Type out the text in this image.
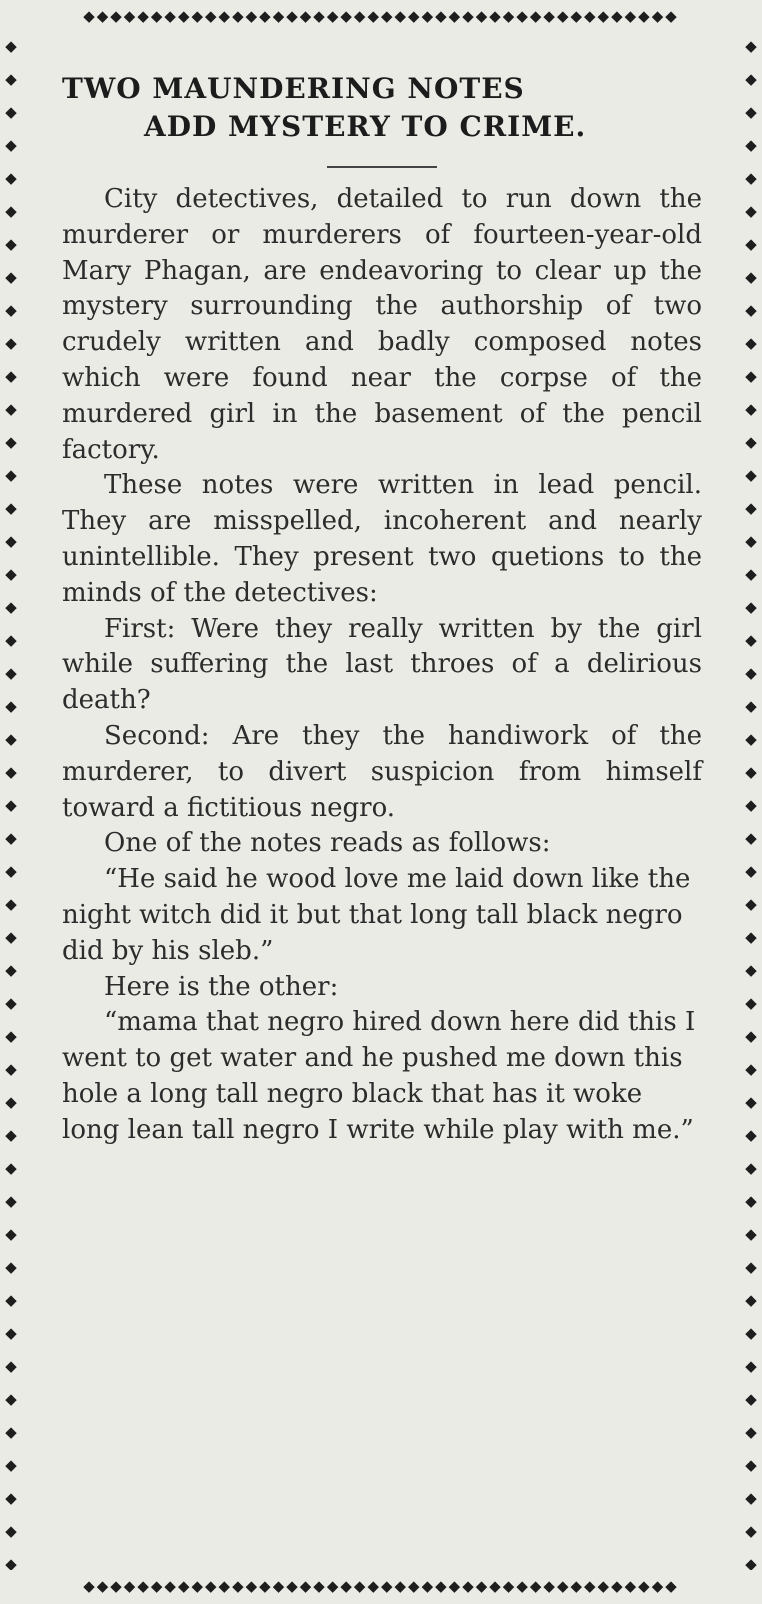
◆◆◆◆◆◆◆◆◆◆◆◆◆◆◆◆◆◆◆◆◆◆◆◆◆◆◆◆◆◆◆◆◆◆◆◆◆◆◆◆◆◆◆◆
◆
◆
◆
◆
◆
◆
◆
◆
◆
◆
◆
◆
◆
◆
◆
◆
◆
◆
◆
◆
◆
◆
◆
◆
◆
◆
◆
◆
◆
◆
◆
◆
◆
◆
◆
◆
◆
◆
◆
◆
◆
◆
◆
◆
◆
◆
◆
◆
◆
◆
◆
◆
◆
◆
◆
◆
◆
◆
◆
◆
◆
◆
◆
◆
◆
◆
◆
◆
◆
◆
◆
◆
◆
◆
◆
◆
◆
◆
◆
◆
◆
◆
◆
◆
◆
◆
◆
◆
◆
◆
◆
◆
◆
◆
◆◆◆◆◆◆◆◆◆◆◆◆◆◆◆◆◆◆◆◆◆◆◆◆◆◆◆◆◆◆◆◆◆◆◆◆◆◆◆◆◆◆◆◆
TWO MAUNDERING NOTES
ADD MYSTERY TO CRIME.

City detectives, detailed to run down the murderer or murderers of fourteen-year-old Mary Phagan, are endeavoring to clear up the mystery surrounding the authorship of two crudely written and badly composed notes which were found near the corpse of the murdered girl in the basement of the pencil factory.

These notes were written in lead pencil. They are misspelled, incoherent and nearly unintellible. They present two quetions to the minds of the detectives:

First: Were they really written by the girl while suffering the last throes of a delirious death?

Second: Are they the handiwork of the murderer, to divert suspicion from himself toward a fictitious negro.

One of the notes reads as follows:

“He said he wood love me laid down like the night witch did it but that long tall black negro did by his sleb.”

Here is the other:

“mama that negro hired down here did this I went to get water and he pushed me down this hole a long tall negro black that has it woke long lean tall negro I write while play with me.”
